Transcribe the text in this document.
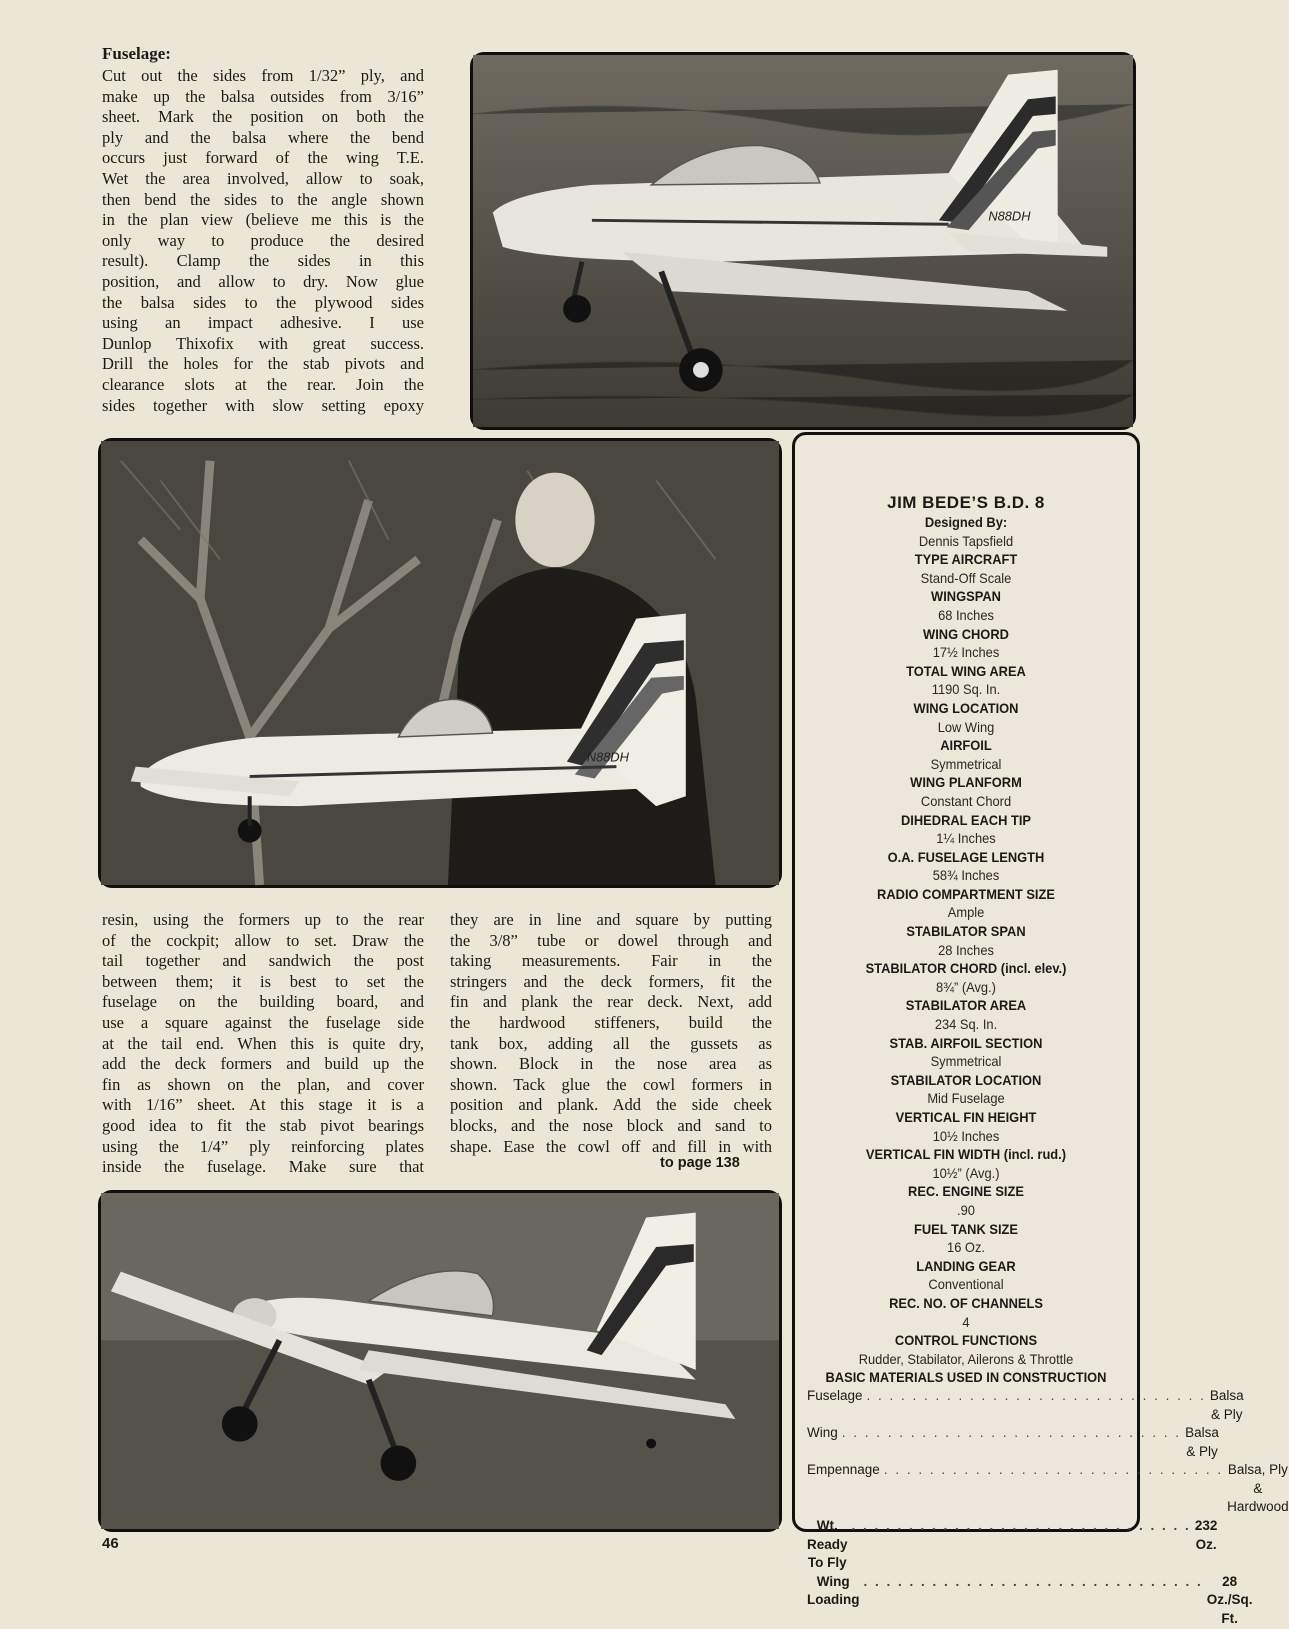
Fuselage:

Cut out the sides from 1/32” ply, and
make up the balsa outsides from 3/16”
sheet. Mark the position on both the
ply and the balsa where the bend
occurs just forward of the wing T.E.
Wet the area involved, allow to soak,
then bend the sides to the angle shown
in the plan view (believe me this is the
only way to produce the desired
result). Clamp the sides in this
position, and allow to dry. Now glue
the balsa sides to the plywood sides
using an impact adhesive. I use
Dunlop Thixofix with great success.
Drill the holes for the stab pivots and
clearance slots at the rear. Join the
sides together with slow setting epoxy

N88DH
N88DH

resin, using the formers up to the rear
of the cockpit; allow to set. Draw the
tail together and sandwich the post
between them; it is best to set the
fuselage on the building board, and
use a square against the fuselage side
at the tail end. When this is quite dry,
add the deck formers and build up the
fin as shown on the plan, and cover
with 1/16” sheet. At this stage it is a
good idea to fit the stab pivot bearings
using the 1/4” ply reinforcing plates
inside the fuselage. Make sure that

they are in line and square by putting
the 3/8” tube or dowel through and
taking measurements. Fair in the
stringers and the deck formers, fit the
fin and plank the rear deck. Next, add
the hardwood stiffeners, build the
tank box, adding all the gussets as
shown. Block in the nose area as
shown. Tack glue the cowl formers in
position and plank. Add the side cheek
blocks, and the nose block and sand to
shape. Ease the cowl off and fill in with

to page 138
JIM BEDE’S B.D. 8
Designed By:
Dennis Tapsfield
TYPE AIRCRAFT
Stand-Off Scale
WINGSPAN
68 Inches
WING CHORD
17½ Inches
TOTAL WING AREA
1190 Sq. In.
WING LOCATION
Low Wing
AIRFOIL
Symmetrical
WING PLANFORM
Constant Chord
DIHEDRAL EACH TIP
1¼ Inches
O.A. FUSELAGE LENGTH
58¾ Inches
RADIO COMPARTMENT SIZE
Ample
STABILATOR SPAN
28 Inches
STABILATOR CHORD (incl. elev.)
8¾” (Avg.)
STABILATOR AREA
234 Sq. In.
STAB. AIRFOIL SECTION
Symmetrical
STABILATOR LOCATION
Mid Fuselage
VERTICAL FIN HEIGHT
10½ Inches
VERTICAL FIN WIDTH (incl. rud.)
10½” (Avg.)
REC. ENGINE SIZE
.90
FUEL TANK SIZE
16 Oz.
LANDING GEAR
Conventional
REC. NO. OF CHANNELS
4
CONTROL FUNCTIONS
Rudder, Stabilator, Ailerons & Throttle
BASIC MATERIALS USED IN CONSTRUCTION
Fuselage . . . . . . . . . . . . . . . . . . . . . . . . . . . . . . Balsa & Ply
Wing . . . . . . . . . . . . . . . . . . . . . . . . . . . . . . Balsa & Ply
Empennage . . . . . . . . . . . . . . . . . . . . . . . . . . . . . . Balsa, Ply & Hardwood
Wt. Ready To Fly
. . . . . . . . . . . . . . . . . . . . . . . . . . . . . . 232 Oz.
Wing Loading
. . . . . . . . . . . . . . . . . . . . . . . . . . . . . .	28 Oz./Sq. Ft.
46
